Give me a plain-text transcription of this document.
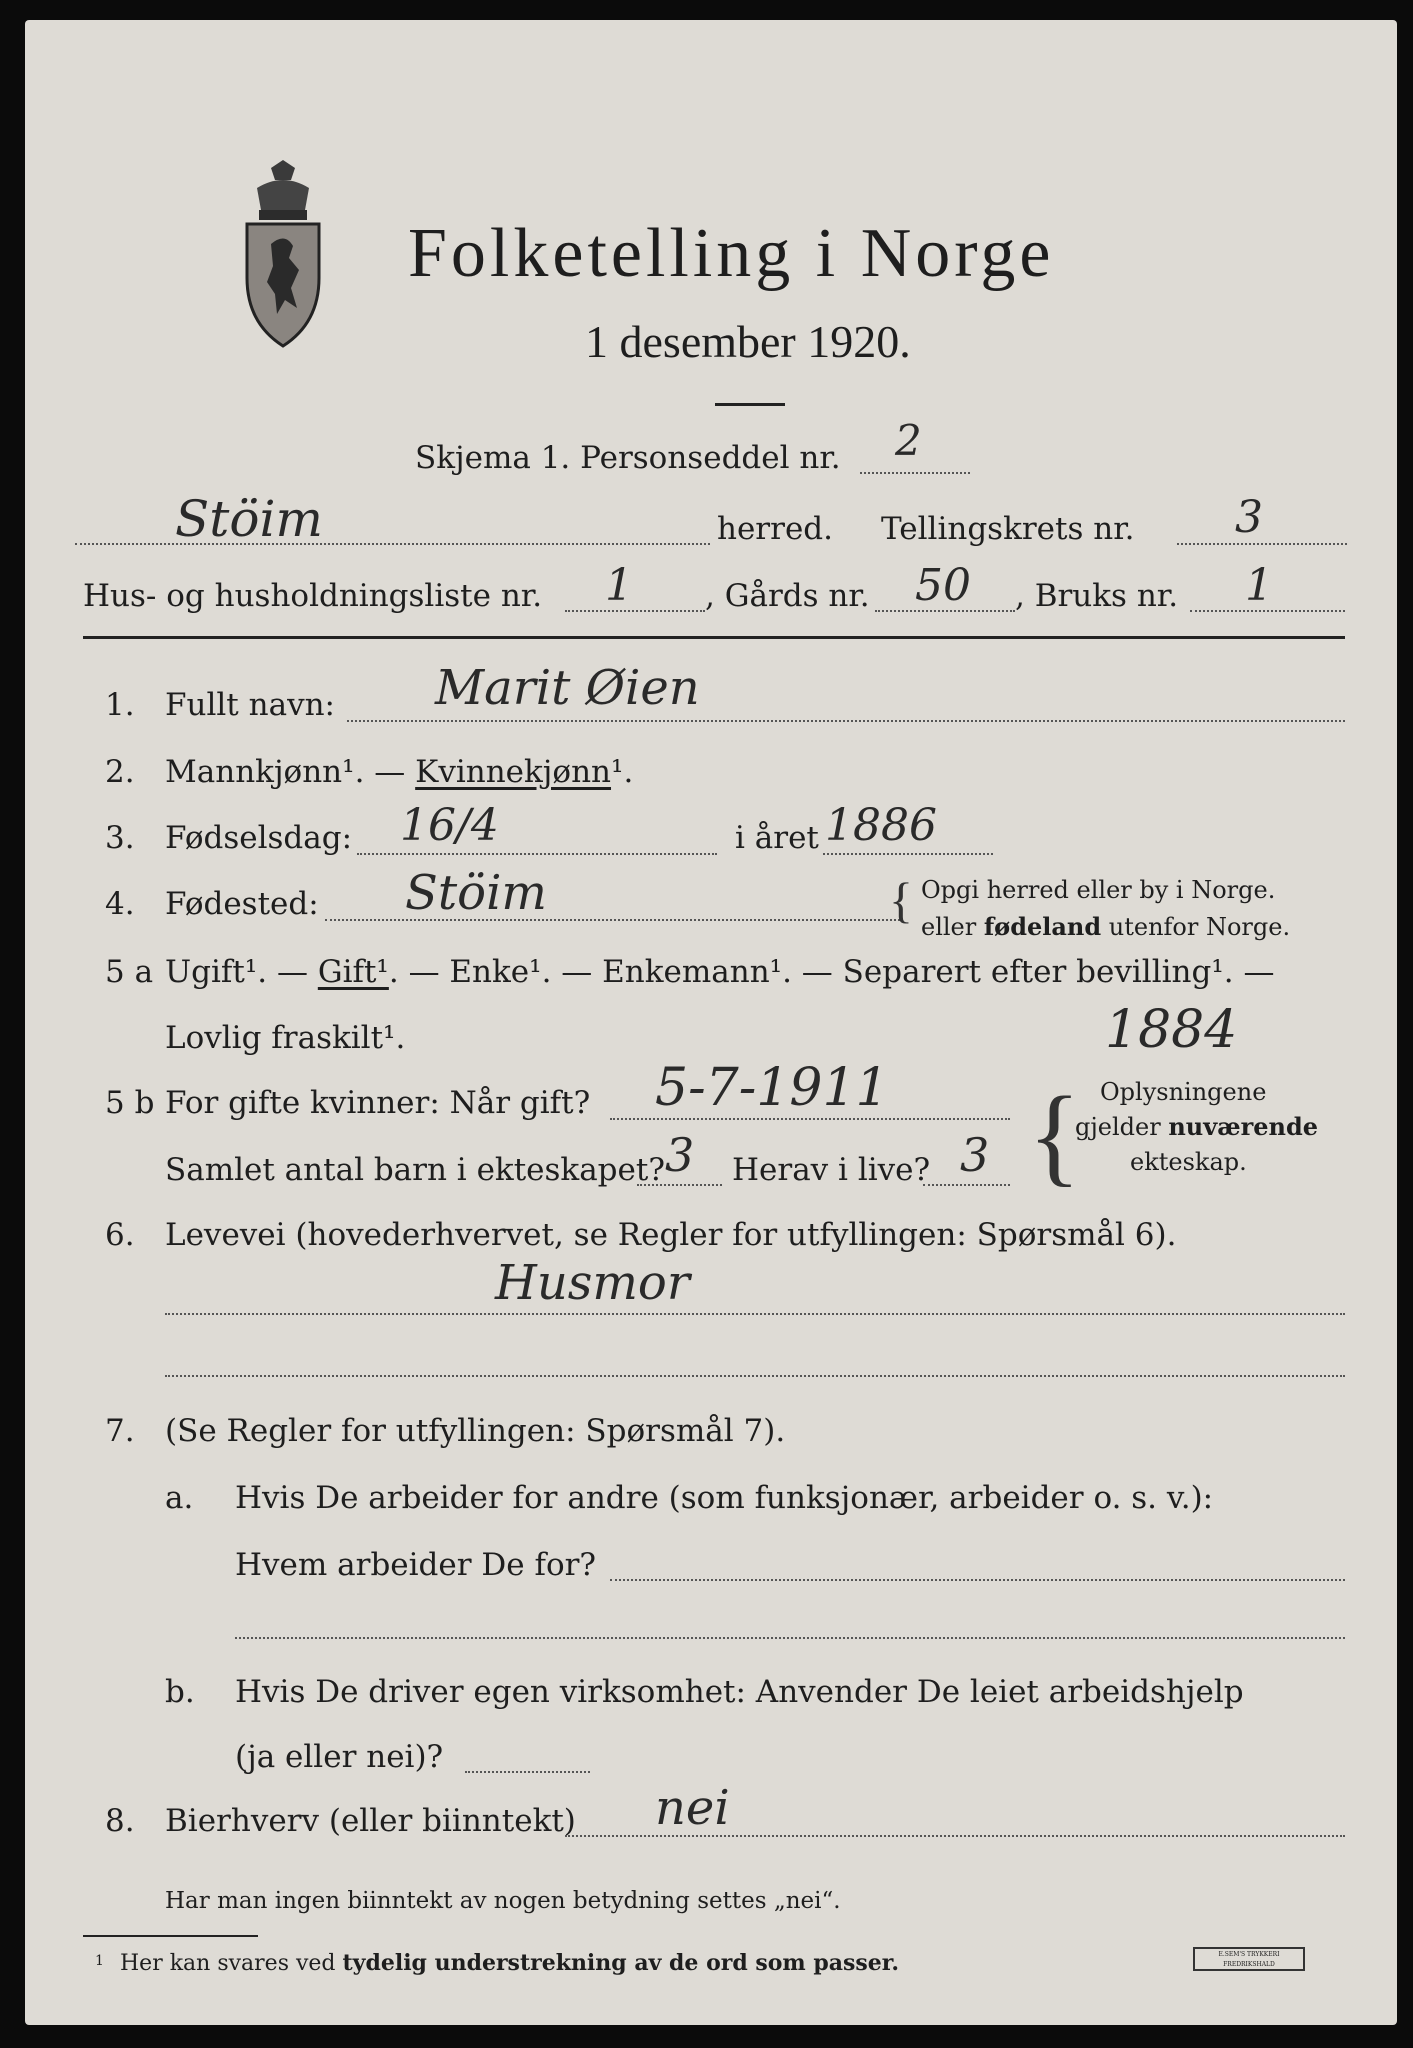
Folketelling i Norge
1 desember 1920.
Skjema 1. Personseddel nr. 2
Stöim	herred. Tellingskrets nr. 3
Hus- og husholdningsliste nr. 1 , Gårds nr. 50 , Bruks nr. 1
1. Fullt navn: Marit Øien
2. Mannkjønn¹. — Kvinnekjønn¹.
3. Fødselsdag: 16/4	i året 1886
4. Fødested: Stöim	{ Opgi herred eller by i Norge.
eller fødeland utenfor Norge.
5 a Ugift¹. — Gift¹. — Enke¹. — Enkemann¹. — Separert efter bevilling¹. —
Lovlig fraskilt¹.	1884
5 b For gifte kvinner: Når gift? 5-7-1911
Samlet antal barn i ekteskapet? 3 Herav i live? 3 { Oplysningene
gjelder nuværende
ekteskap.
6. Levevei (hovederhvervet, se Regler for utfyllingen: Spørsmål 6).
Husmor
7. (Se Regler for utfyllingen: Spørsmål 7).
a. Hvis De arbeider for andre (som funksjonær, arbeider o. s. v.):
Hvem arbeider De for?
b. Hvis De driver egen virksomhet: Anvender De leiet arbeidshjelp
(ja eller nei)?
8. Bierhverv (eller biinntekt) nei
Har man ingen biinntekt av nogen betydning settes „nei“.
1 Her kan svares ved tydelig understrekning av de ord som passer.	E.SEM'S TRYKKERI FREDRIKSHALD
